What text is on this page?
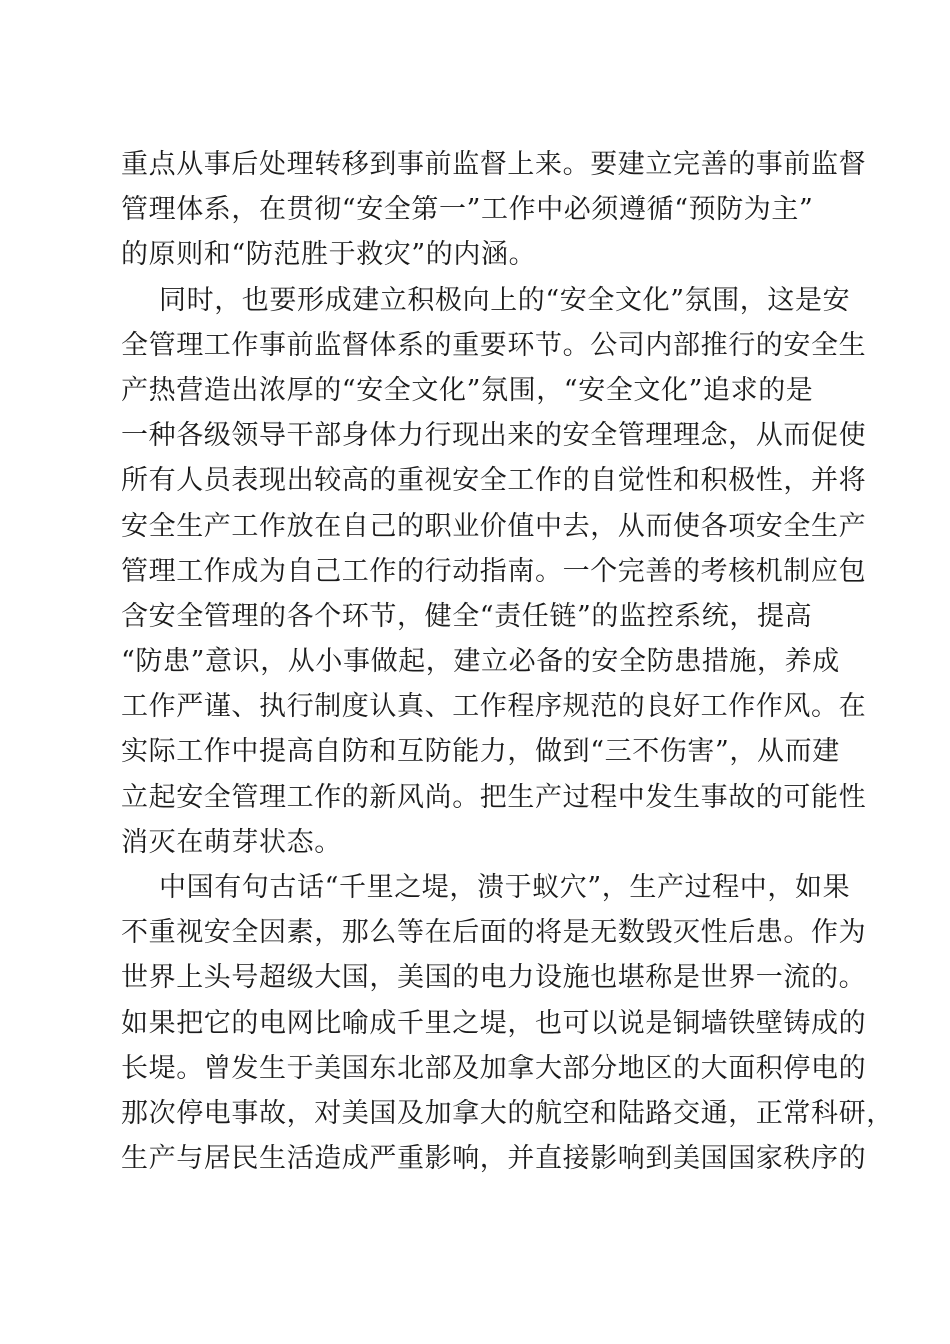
重点从事后处理转移到事前监督上来。要建立完善的事前监督
管理体系，在贯彻“安全第一”工作中必须遵循“预防为主”
的原则和“防范胜于救灾”的内涵。
同时，也要形成建立积极向上的“安全文化”氛围，这是安
全管理工作事前监督体系的重要环节。公司内部推行的安全生
产热营造出浓厚的“安全文化”氛围，“安全文化”追求的是
一种各级领导干部身体力行现出来的安全管理理念，从而促使
所有人员表现出较高的重视安全工作的自觉性和积极性，并将
安全生产工作放在自己的职业价值中去，从而使各项安全生产
管理工作成为自己工作的行动指南。一个完善的考核机制应包
含安全管理的各个环节，健全“责任链”的监控系统，提高
“防患”意识，从小事做起，建立必备的安全防患措施，养成
工作严谨、执行制度认真、工作程序规范的良好工作作风。在
实际工作中提高自防和互防能力，做到“三不伤害”，从而建
立起安全管理工作的新风尚。把生产过程中发生事故的可能性
消灭在萌芽状态。
中国有句古话“千里之堤，溃于蚁穴”，生产过程中，如果
不重视安全因素，那么等在后面的将是无数毁灭性后患。作为
世界上头号超级大国，美国的电力设施也堪称是世界一流的。
如果把它的电网比喻成千里之堤，也可以说是铜墙铁壁铸成的
长堤。曾发生于美国东北部及加拿大部分地区的大面积停电的
那次停电事故，对美国及加拿大的航空和陆路交通，正常科研，
生产与居民生活造成严重影响，并直接影响到美国国家秩序的
